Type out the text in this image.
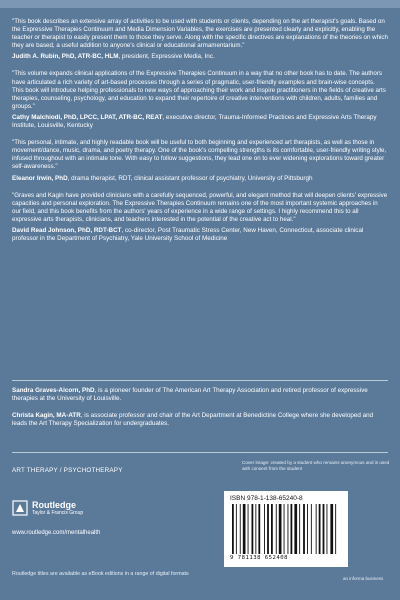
"This book describes an extensive array of activities to be used with students or clients, depending on the art therapist's goals. Based on the Expressive Therapies Continuum and Media Dimension Variables, the exercises are presented clearly and explicitly, enabling the teacher or therapist to easily present them to those they serve. Along with the specific directives are explanations of the theories on which they are based, a useful addition to anyone's clinical or educational armamentarium."

Judith A. Rubin, PhD, ATR-BC, HLM, president, Expressive Media, Inc.

"This volume expands clinical applications of the Expressive Therapies Continuum in a way that no other book has to date. The authors have articulated a rich variety of art-based processes through a series of pragmatic, user-friendly examples and brain-wise concepts. This book will introduce helping professionals to new ways of approaching their work and inspire practitioners in the fields of creative arts therapies, counseling, psychology, and education to expand their repertoire of creative interventions with children, adults, families and groups."

Cathy Malchiodi, PhD, LPCC, LPAT, ATR-BC, REAT, executive director, Trauma-Informed Practices and Expressive Arts Therapy Institute, Louisville, Kentucky

"This personal, intimate, and highly readable book will be useful to both beginning and experienced art therapists, as well as those in movement/dance, music, drama, and poetry therapy. One of the book's compelling strengths is its comfortable, user-friendly writing style, infused throughout with an intimate tone. With easy to follow suggestions, they lead one on to ever widening explorations toward greater self-awareness."

Eleanor Irwin, PhD, drama therapist, RDT, clinical assistant professor of psychiatry, University of Pittsburgh

"Graves and Kagin have provided clinicians with a carefully sequenced, powerful, and elegant method that will deepen clients' expressive capacities and personal exploration. The Expressive Therapies Continuum remains one of the most important systemic approaches in our field, and this book benefits from the authors' years of experience in a wide range of settings. I highly recommend this to all expressive arts therapists, clinicians, and teachers interested in the potential of the creative act to heal."

David Read Johnson, PhD, RDT-BCT, co-director, Post Traumatic Stress Center, New Haven, Connecticut, associate clinical professor in the Department of Psychiatry, Yale University School of Medicine

Sandra Graves-Alcorn, PhD, is a pioneer founder of The American Art Therapy Association and retired professor of expressive therapies at the University of Louisville.

Christa Kagin, MA-ATR, is associate professor and chair of the Art Department at Benedictine College where she developed and leads the Art Therapy Specialization for undergraduates.

ART THERAPY / PSYCHOTHERAPY
Cover image: created by a student who remains anonymous and is used with consent from the student
Routledge
Taylor & Francis Group
www.routledge.com/mentalhealth
Routledge titles are available as eBook editions in a range of digital formats
ISBN 978-1-138-65240-8
9 781138 652408
an informa business
